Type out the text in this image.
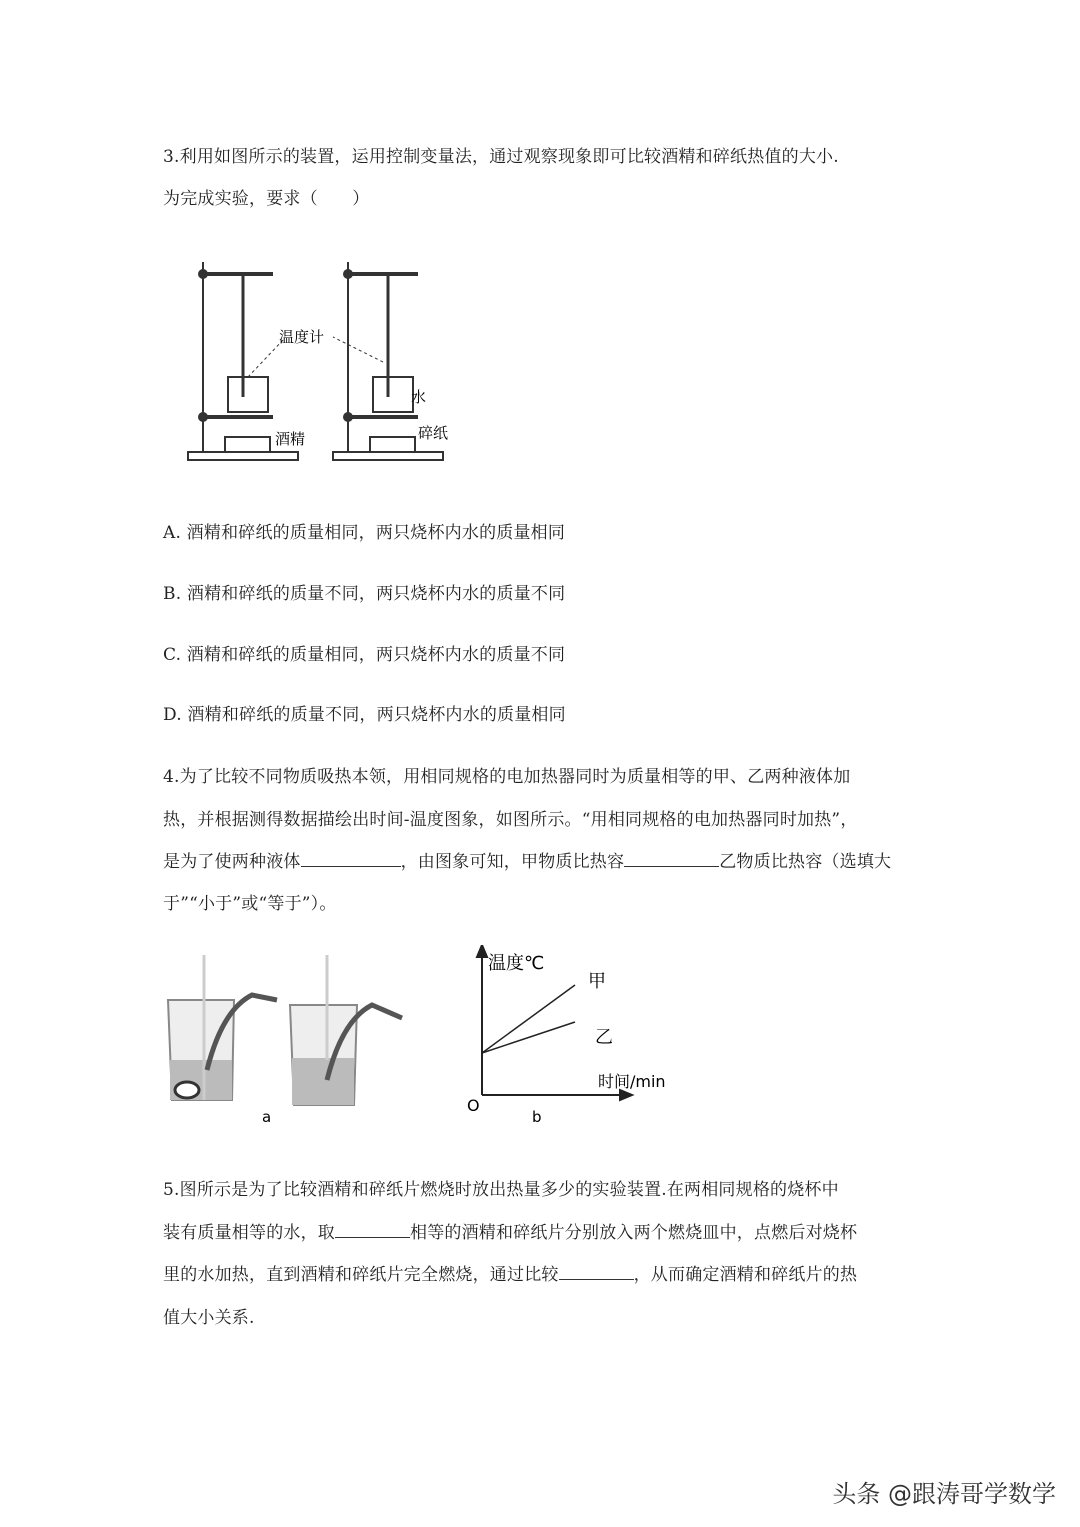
3.利用如图所示的装置，运用控制变量法，通过观察现象即可比较酒精和碎纸热值的大小.
为完成实验，要求（　　）
温度计
水
酒精	碎纸
A. 酒精和碎纸的质量相同，两只烧杯内水的质量相同
B. 酒精和碎纸的质量不同，两只烧杯内水的质量不同
C. 酒精和碎纸的质量相同，两只烧杯内水的质量不同
D. 酒精和碎纸的质量不同，两只烧杯内水的质量相同
4.为了比较不同物质吸热本领，用相同规格的电加热器同时为质量相等的甲、乙两种液体加
热，并根据测得数据描绘出时间-温度图象，如图所示。“用相同规格的电加热器同时加热”，
是为了使两种液体	，由图象可知，甲物质比热容	乙物质比热容（选填大
于”“小于”或“等于”）。
a
温度℃
甲
乙
时间/min
O
b
5.图所示是为了比较酒精和碎纸片燃烧时放出热量多少的实验装置.在两相同规格的烧杯中
装有质量相等的水，取	相等的酒精和碎纸片分别放入两个燃烧皿中，点燃后对烧杯
里的水加热，直到酒精和碎纸片完全燃烧，通过比较	，从而确定酒精和碎纸片的热
值大小关系.
头条 @跟涛哥学数学
